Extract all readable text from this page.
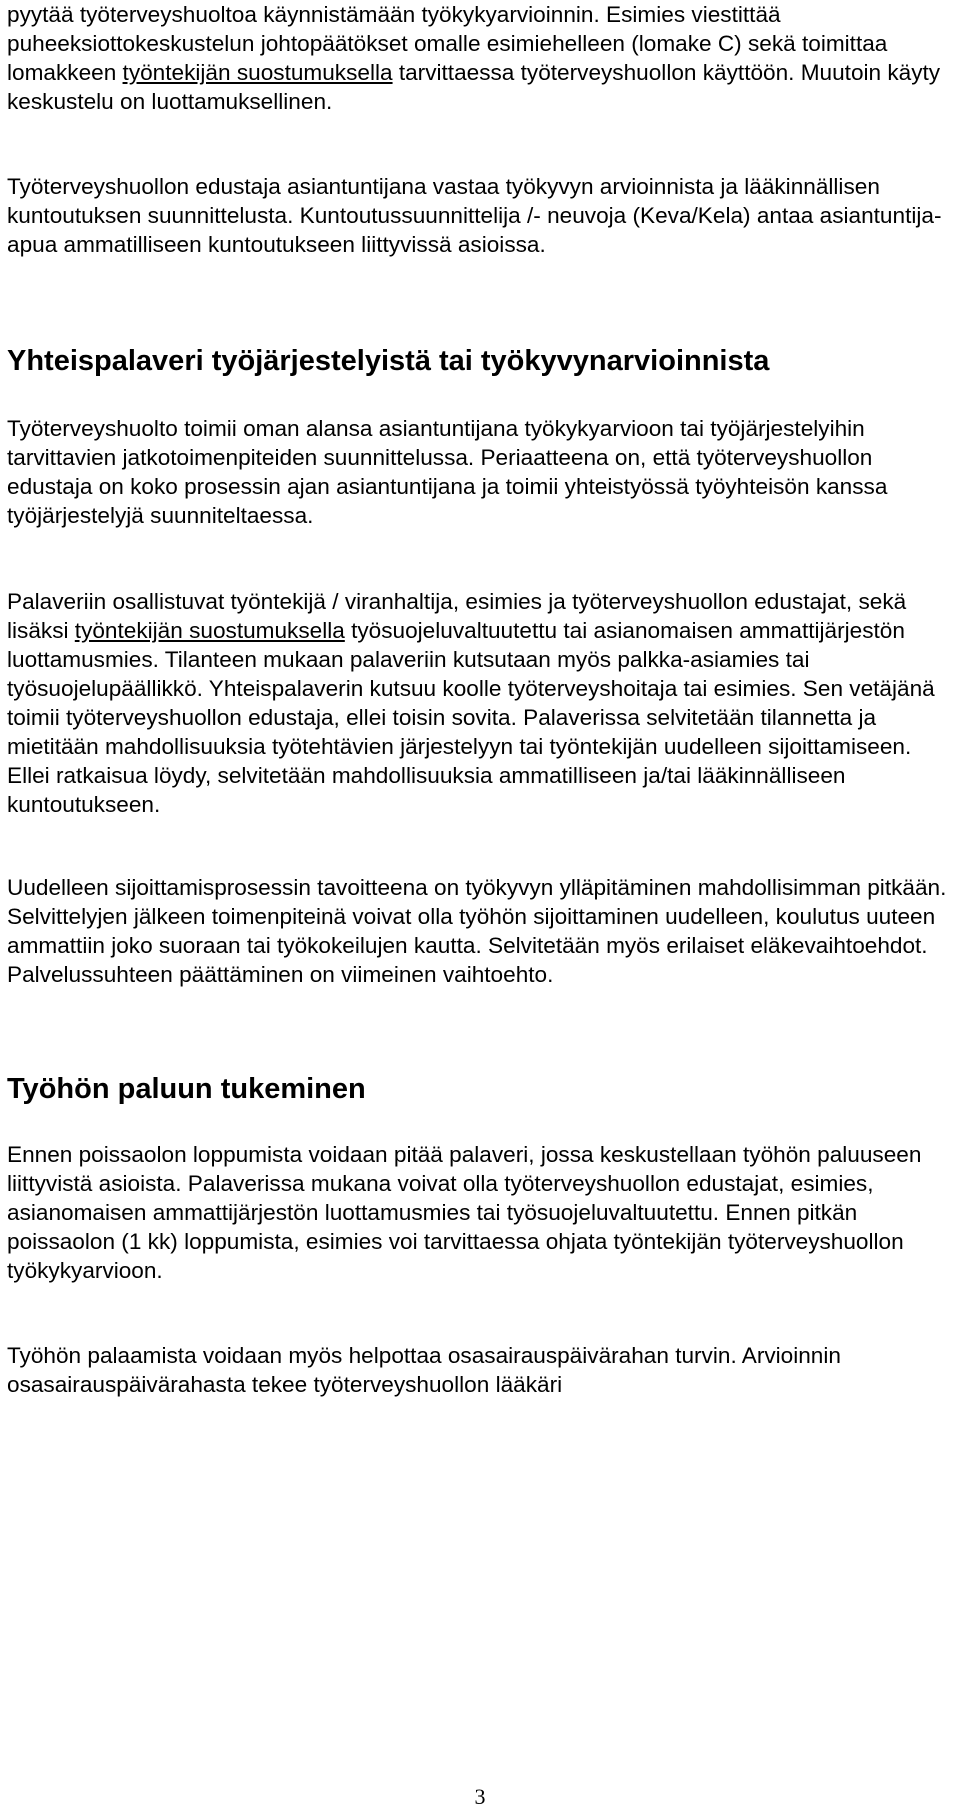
pyytää työterveyshuoltoa käynnistämään työkykyarvioinnin. Esimies viestittää puheeksiottokeskustelun johtopäätökset omalle esimiehelleen (lomake C) sekä toimittaa lomakkeen työntekijän suostumuksella tarvittaessa työterveyshuollon käyttöön. Muutoin käyty keskustelu on luottamuksellinen.

Työterveyshuollon edustaja asiantuntijana vastaa työkyvyn arvioinnista ja lääkinnällisen kuntoutuksen suunnittelusta. Kuntoutussuunnittelija /- neuvoja (Keva/Kela) antaa asiantuntija-apua ammatilliseen kuntoutukseen liittyvissä asioissa.

Yhteispalaveri työjärjestelyistä tai työkyvynarvioinnista

Työterveyshuolto toimii oman alansa asiantuntijana työkykyarvioon tai työjärjestelyihin tarvittavien jatkotoimenpiteiden suunnittelussa. Periaatteena on, että työterveyshuollon edustaja on koko prosessin ajan asiantuntijana ja toimii yhteistyössä työyhteisön kanssa työjärjestelyjä suunniteltaessa.

Palaveriin osallistuvat työntekijä / viranhaltija, esimies ja työterveyshuollon edustajat, sekä lisäksi työntekijän suostumuksella työsuojeluvaltuutettu tai asianomaisen ammattijärjestön luottamusmies. Tilanteen mukaan palaveriin kutsutaan myös palkka-asiamies tai työsuojelupäällikkö. Yhteispalaverin kutsuu koolle työterveyshoitaja tai esimies. Sen vetäjänä toimii työterveyshuollon edustaja, ellei toisin sovita. Palaverissa selvitetään tilannetta ja mietitään mahdollisuuksia työtehtävien järjestelyyn tai työntekijän uudelleen sijoittamiseen. Ellei ratkaisua löydy, selvitetään mahdollisuuksia ammatilliseen ja/tai lääkinnälliseen kuntoutukseen.

Uudelleen sijoittamisprosessin tavoitteena on työkyvyn ylläpitäminen mahdollisimman pitkään. Selvittelyjen jälkeen toimenpiteinä voivat olla työhön sijoittaminen uudelleen, koulutus uuteen ammattiin joko suoraan tai työkokeilujen kautta. Selvitetään myös erilaiset eläkevaihtoehdot. Palvelussuhteen päättäminen on viimeinen vaihtoehto.

Työhön paluun tukeminen

Ennen poissaolon loppumista voidaan pitää palaveri, jossa keskustellaan työhön paluuseen liittyvistä asioista. Palaverissa mukana voivat olla työterveyshuollon edustajat, esimies, asianomaisen ammattijärjestön luottamusmies tai työsuojeluvaltuutettu. Ennen pitkän poissaolon (1 kk) loppumista, esimies voi tarvittaessa ohjata työntekijän työterveyshuollon työkykyarvioon.

Työhön palaamista voidaan myös helpottaa osasairauspäivärahan turvin. Arvioinnin osasairauspäivärahasta tekee työterveyshuollon lääkäri

3
